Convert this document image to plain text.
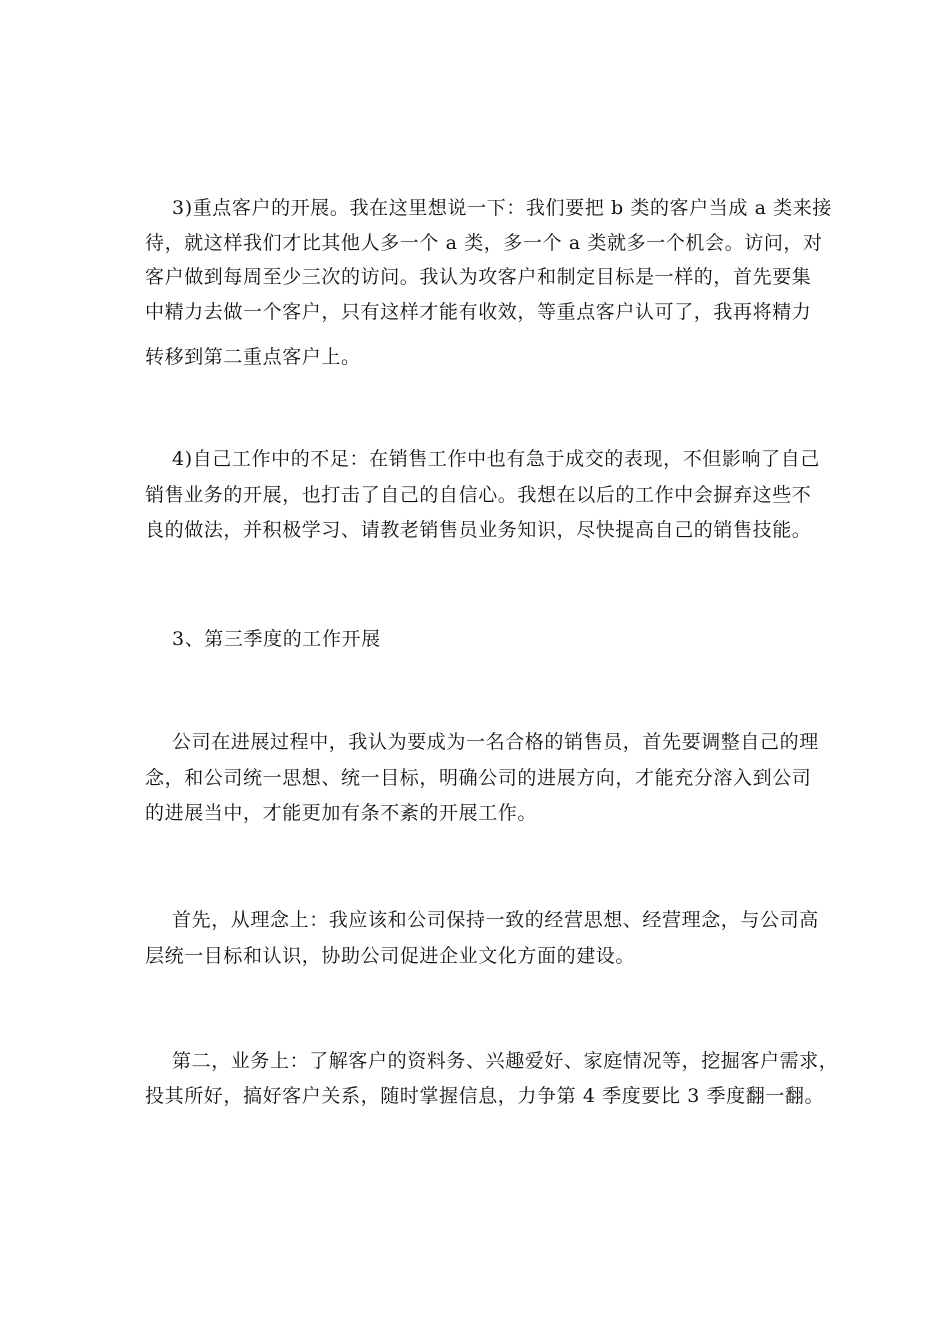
3)重点客户的开展。我在这里想说一下：我们要把 b 类的客户当成 a 类来接
待，就这样我们才比其他人多一个 a 类，多一个 a 类就多一个机会。访问，对
客户做到每周至少三次的访问。我认为攻客户和制定目标是一样的，首先要集
中精力去做一个客户，只有这样才能有收效，等重点客户认可了，我再将精力
转移到第二重点客户上。
4)自己工作中的不足：在销售工作中也有急于成交的表现，不但影响了自己
销售业务的开展，也打击了自己的自信心。我想在以后的工作中会摒弃这些不
良的做法，并积极学习、请教老销售员业务知识，尽快提高自己的销售技能。
3、第三季度的工作开展
公司在进展过程中，我认为要成为一名合格的销售员，首先要调整自己的理
念，和公司统一思想、统一目标，明确公司的进展方向，才能充分溶入到公司
的进展当中，才能更加有条不紊的开展工作。
首先，从理念上：我应该和公司保持一致的经营思想、经营理念，与公司高
层统一目标和认识，协助公司促进企业文化方面的建设。
第二，业务上：了解客户的资料务、兴趣爱好、家庭情况等，挖掘客户需求，
投其所好，搞好客户关系，随时掌握信息，力争第 4 季度要比 3 季度翻一翻。
